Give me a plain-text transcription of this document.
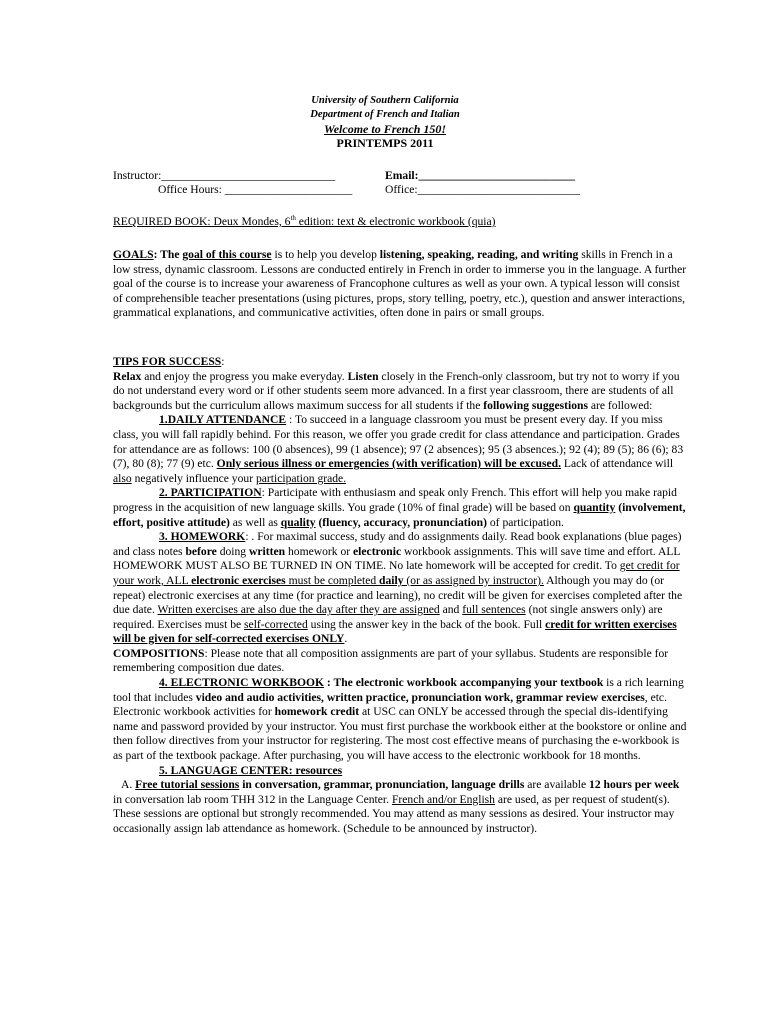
University of Southern California
Department of French and Italian
Welcome to French 150!
PRINTEMPS 2011
Instructor:______________________________
Office Hours: ______________________
Email:___________________________
Office:____________________________
REQUIRED BOOK: Deux Mondes, 6th edition: text & electronic workbook (quia)

GOALS: The goal of this course is to help you develop listening, speaking, reading, and writing skills in French in a low stress, dynamic classroom. Lessons are conducted entirely in French in order to immerse you in the language. A further goal of the course is to increase your awareness of Francophone cultures as well as your own. A typical lesson will consist of comprehensible teacher presentations (using pictures, props, story telling, poetry, etc.), question and answer interactions, grammatical explanations, and communicative activities, often done in pairs or small groups.

TIPS FOR SUCCESS:

Relax and enjoy the progress you make everyday. Listen closely in the French-only classroom, but try not to worry if you do not understand every word or if other students seem more advanced. In a first year classroom, there are students of all backgrounds but the curriculum allows maximum success for all students if the following suggestions are followed:

1.DAILY ATTENDANCE : To succeed in a language classroom you must be present every day. If you miss class, you will fall rapidly behind. For this reason, we offer you grade credit for class attendance and participation. Grades for attendance are as follows: 100 (0 absences), 99 (1 absence); 97 (2 absences); 95 (3 absences.); 92 (4); 89 (5); 86 (6); 83 (7), 80 (8); 77 (9) etc. Only serious illness or emergencies (with verification) will be excused. Lack of attendance will also negatively influence your participation grade.

2. PARTICIPATION: Participate with enthusiasm and speak only French. This effort will help you make rapid progress in the acquisition of new language skills. You grade (10% of final grade) will be based on quantity (involvement, effort, positive attitude) as well as quality (fluency, accuracy, pronunciation) of participation.

3. HOMEWORK: . For maximal success, study and do assignments daily. Read book explanations (blue pages) and class notes before doing written homework or electronic workbook assignments. This will save time and effort. ALL HOMEWORK MUST ALSO BE TURNED IN ON TIME. No late homework will be accepted for credit. To get credit for your work, ALL electronic exercises must be completed daily (or as assigned by instructor). Although you may do (or repeat) electronic exercises at any time (for practice and learning), no credit will be given for exercises completed after the due date. Written exercises are also due the day after they are assigned and full sentences (not single answers only) are required. Exercises must be self-corrected using the answer key in the back of the book. Full credit for written exercises will be given for self-corrected exercises ONLY.

COMPOSITIONS: Please note that all composition assignments are part of your syllabus. Students are responsible for remembering composition due dates.

4. ELECTRONIC WORKBOOK : The electronic workbook accompanying your textbook is a rich learning tool that includes video and audio activities, written practice, pronunciation work, grammar review exercises, etc. Electronic workbook activities for homework credit at USC can ONLY be accessed through the special dis-identifying name and password provided by your instructor. You must first purchase the workbook either at the bookstore or online and then follow directives from your instructor for registering. The most cost effective means of purchasing the e-workbook is as part of the textbook package. After purchasing, you will have access to the electronic workbook for 18 months.

5. LANGUAGE CENTER: resources

A. Free tutorial sessions in conversation, grammar, pronunciation, language drills are available 12 hours per week in conversation lab room THH 312 in the Language Center. French and/or English are used, as per request of student(s). These sessions are optional but strongly recommended. You may attend as many sessions as desired. Your instructor may occasionally assign lab attendance as homework. (Schedule to be announced by instructor).
